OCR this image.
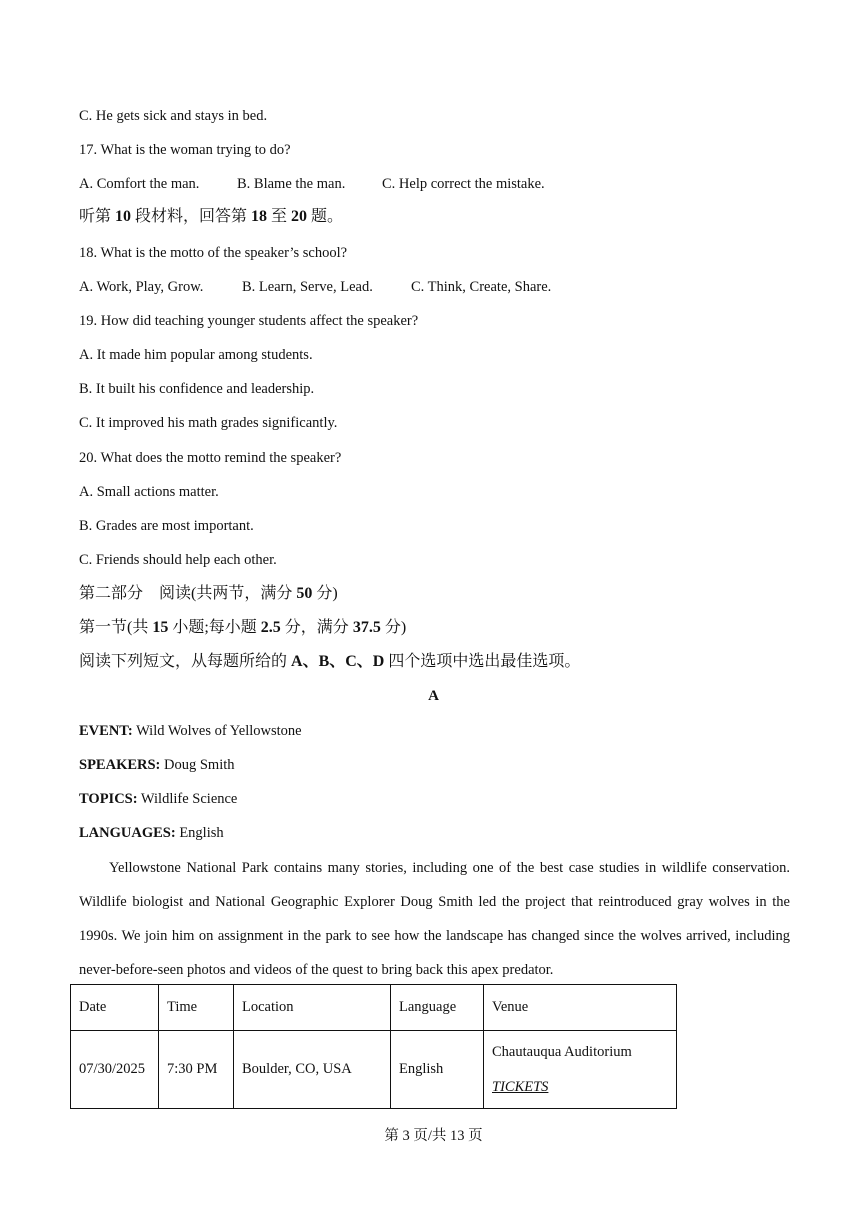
C. He gets sick and stays in bed.
17. What is the woman trying to do?
A. Comfort the man.	B. Blame the man.	C. Help correct the mistake.
听第 10 段材料，回答第 18 至 20 题。
18. What is the motto of the speaker’s school?
A. Work, Play, Grow.	B. Learn, Serve, Lead.	C. Think, Create, Share.
19. How did teaching younger students affect the speaker?
A. It made him popular among students.
B. It built his confidence and leadership.
C. It improved his math grades significantly.
20. What does the motto remind the speaker?
A. Small actions matter.
B. Grades are most important.
C. Friends should help each other.
第二部分　阅读(共两节，满分 50 分)
第一节(共 15 小题;每小题 2.5 分，满分 37.5 分)
阅读下列短文，从每题所给的 A、B、C、D 四个选项中选出最佳选项。
A
EVENT: Wild Wolves of Yellowstone
SPEAKERS: Doug Smith
TOPICS: Wildlife Science
LANGUAGES: English
Yellowstone National Park contains many stories, including one of the best case studies in wildlife conservation. Wildlife biologist and National Geographic Explorer Doug Smith led the project that reintroduced gray wolves in the 1990s. We join him on assignment in the park to see how the landscape has changed since the wolves arrived, including never-before-seen photos and videos of the quest to bring back this apex predator.
Date	Time	Location	Language	Venue
07/30/2025	7:30 PM	Boulder, CO, USA	English	Chautauqua Auditorium
TICKETS
第 3 页/共 13 页
